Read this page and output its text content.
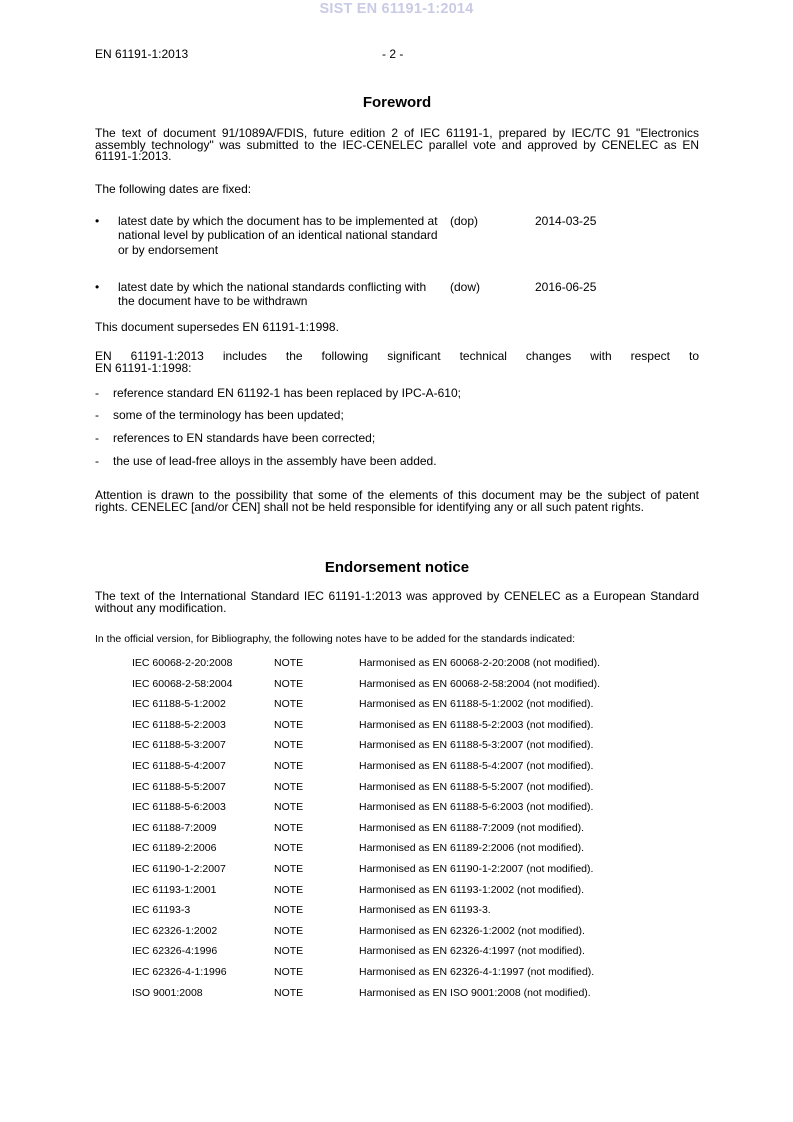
SIST EN 61191-1:2014
EN 61191-1:2013	- 2 -
Foreword

The text of document 91/1089A/FDIS, future edition 2 of IEC 61191-1, prepared by IEC/TC 91 "Electronics assembly technology" was submitted to the IEC-CENELEC parallel vote and approved by CENELEC as EN 61191-1:2013.

The following dates are fixed:
• latest date by which the document has to be implemented at national level by publication of an identical national standard or by endorsement
(dop)	2014-03-25
• latest date by which the national standards conflicting with the document have to be withdrawn
(dow)	2016-06-25
This document supersedes EN 61191-1:1998.
EN 61191-1:2013 includes the following significant technical changes with respect to
EN 61191-1:1998:
- reference standard EN 61192-1 has been replaced by IPC-A-610;
- some of the terminology has been updated;
- references to EN standards have been corrected;
- the use of lead-free alloys in the assembly have been added.

Attention is drawn to the possibility that some of the elements of this document may be the subject of patent rights. CENELEC [and/or CEN] shall not be held responsible for identifying any or all such patent rights.

Endorsement notice

The text of the International Standard IEC 61191-1:2013 was approved by CENELEC as a European Standard without any modification.

In the official version, for Bibliography, the following notes have to be added for the standards indicated:
IEC 60068-2-20:2008	NOTE	Harmonised as EN 60068-2-20:2008 (not modified).
IEC 60068-2-58:2004	NOTE	Harmonised as EN 60068-2-58:2004 (not modified).
IEC 61188-5-1:2002	NOTE	Harmonised as EN 61188-5-1:2002 (not modified).
IEC 61188-5-2:2003	NOTE	Harmonised as EN 61188-5-2:2003 (not modified).
IEC 61188-5-3:2007	NOTE	Harmonised as EN 61188-5-3:2007 (not modified).
IEC 61188-5-4:2007	NOTE	Harmonised as EN 61188-5-4:2007 (not modified).
IEC 61188-5-5:2007	NOTE	Harmonised as EN 61188-5-5:2007 (not modified).
IEC 61188-5-6:2003	NOTE	Harmonised as EN 61188-5-6:2003 (not modified).
IEC 61188-7:2009	NOTE	Harmonised as EN 61188-7:2009 (not modified).
IEC 61189-2:2006	NOTE	Harmonised as EN 61189-2:2006 (not modified).
IEC 61190-1-2:2007	NOTE	Harmonised as EN 61190-1-2:2007 (not modified).
IEC 61193-1:2001	NOTE	Harmonised as EN 61193-1:2002 (not modified).
IEC 61193-3	NOTE	Harmonised as EN 61193-3.
IEC 62326-1:2002	NOTE	Harmonised as EN 62326-1:2002 (not modified).
IEC 62326-4:1996	NOTE	Harmonised as EN 62326-4:1997 (not modified).
IEC 62326-4-1:1996	NOTE	Harmonised as EN 62326-4-1:1997 (not modified).
ISO 9001:2008	NOTE	Harmonised as EN ISO 9001:2008 (not modified).
